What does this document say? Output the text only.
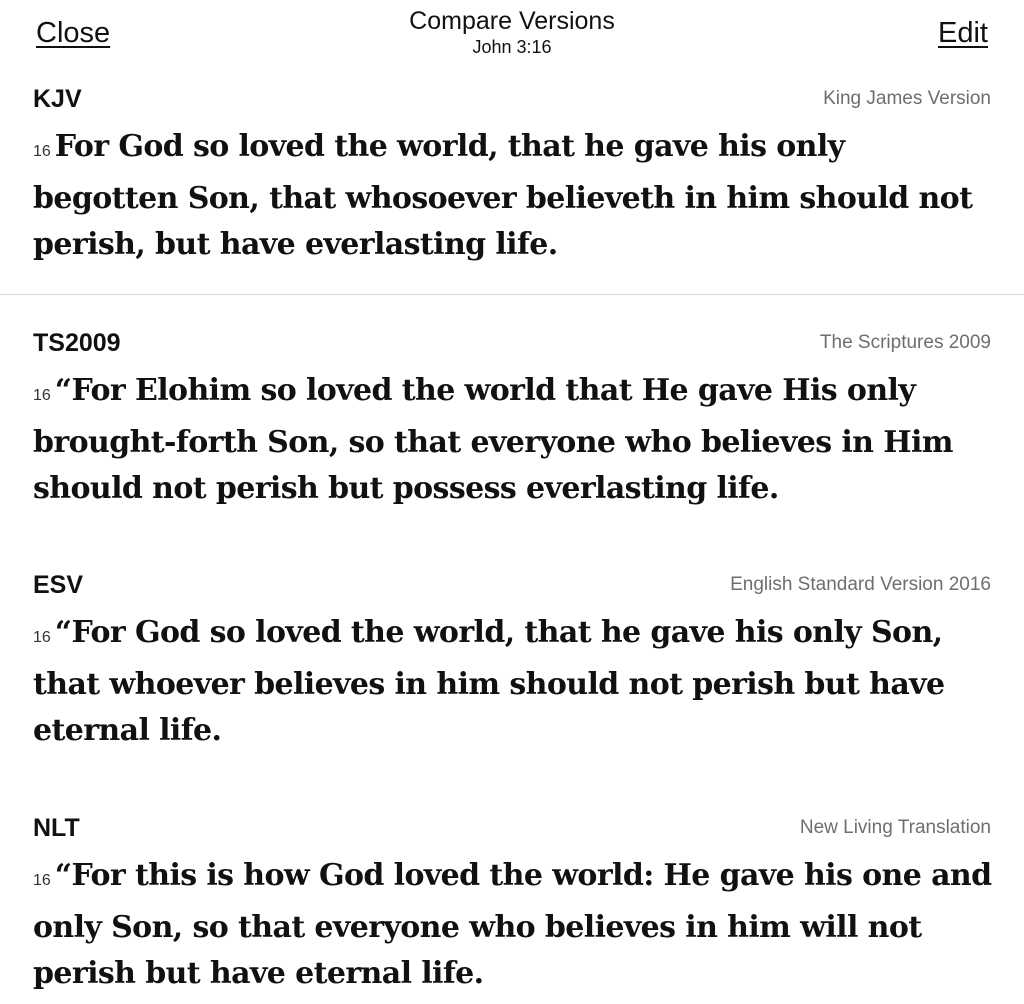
Close	Compare Versions
John 3:16	Edit
KJV	King James Version
16 For God so loved the world, that he gave his only begotten Son, that whosoever believeth in him should not perish, but have everlasting life.
TS2009	The Scriptures 2009
16 “For Elohim so loved the world that He gave His only brought-forth Son, so that everyone who believes in Him should not perish but possess everlasting life.
ESV	English Standard Version 2016
16 “For God so loved the world, that he gave his only Son, that whoever believes in him should not perish but have eternal life.
NLT	New Living Translation
16 “For this is how God loved the world: He gave his one and only Son, so that everyone who believes in him will not perish but have eternal life.
